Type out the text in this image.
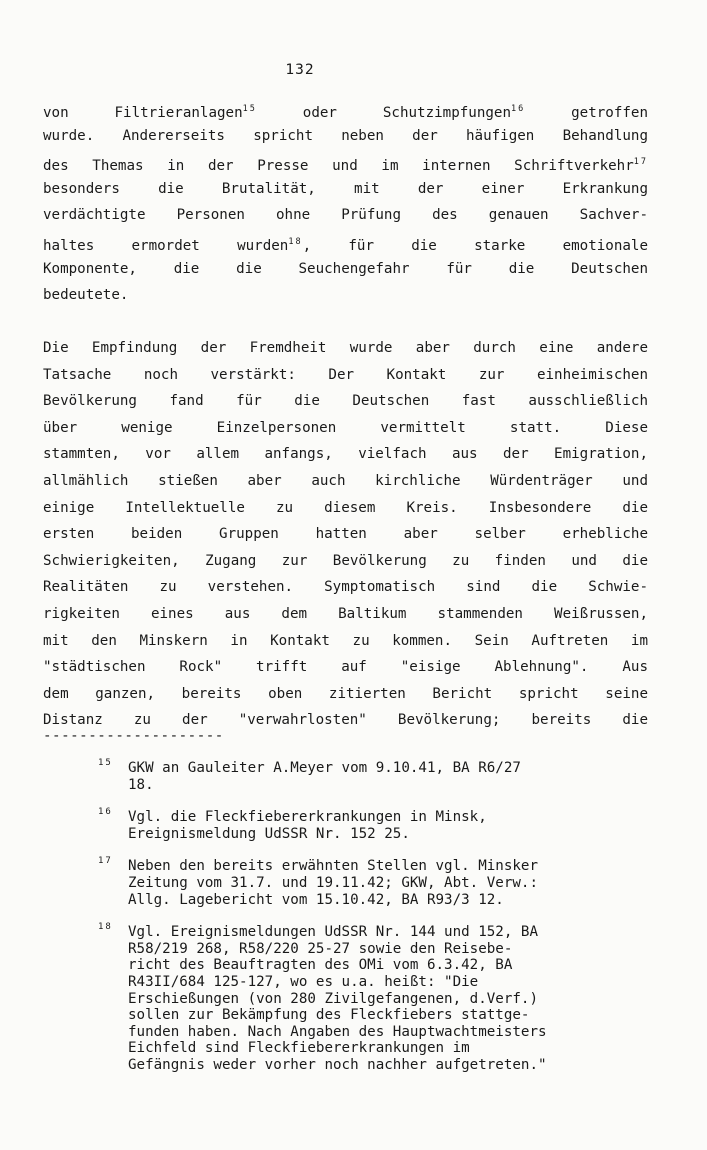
132
von Filtrieranlagen$^{15}$ oder Schutzimpfungen$^{16}$ getroffen
wurde. Andererseits spricht neben der häufigen Behandlung
des Themas in der Presse und im internen Schriftverkehr$^{17}$
besonders die Brutalität, mit der einer Erkrankung
verdächtigte Personen ohne Prüfung des genauen Sachver-
haltes ermordet wurden$^{18}$, für die starke emotionale
Komponente, die die Seuchengefahr für die Deutschen
bedeutete.
Die Empfindung der Fremdheit wurde aber durch eine andere
Tatsache noch verstärkt: Der Kontakt zur einheimischen
Bevölkerung fand für die Deutschen fast ausschließlich
über wenige Einzelpersonen vermittelt statt. Diese
stammten, vor allem anfangs, vielfach aus der Emigration,
allmählich stießen aber auch kirchliche Würdenträger und
einige Intellektuelle zu diesem Kreis. Insbesondere die
ersten beiden Gruppen hatten aber selber erhebliche
Schwierigkeiten, Zugang zur Bevölkerung zu finden und die
Realitäten zu verstehen. Symptomatisch sind die Schwie-
rigkeiten eines aus dem Baltikum stammenden Weißrussen,
mit den Minskern in Kontakt zu kommen. Sein Auftreten im
"städtischen Rock" trifft auf "eisige Ablehnung". Aus
dem ganzen, bereits oben zitierten Bericht spricht seine
Distanz zu der "verwahrlosten" Bevölkerung; bereits die
--------------------
15 GKW an Gauleiter A.Meyer vom 9.10.41, BA R6/27
18.
16 Vgl. die Fleckfiebererkrankungen in Minsk,
Ereignismeldung UdSSR Nr. 152 25.
17 Neben den bereits erwähnten Stellen vgl. Minsker
Zeitung vom 31.7. und 19.11.42; GKW, Abt. Verw.:
Allg. Lagebericht vom 15.10.42, BA R93/3 12.
18 Vgl. Ereignismeldungen UdSSR Nr. 144 und 152, BA
R58/219 268, R58/220 25-27 sowie den Reisebe-
richt des Beauftragten des OMi vom 6.3.42, BA
R43II/684 125-127, wo es u.a. heißt: "Die
Erschießungen (von 280 Zivilgefangenen, d.Verf.)
sollen zur Bekämpfung des Fleckfiebers stattge-
funden haben. Nach Angaben des Hauptwachtmeisters
Eichfeld sind Fleckfiebererkrankungen im
Gefängnis weder vorher noch nachher aufgetreten."
